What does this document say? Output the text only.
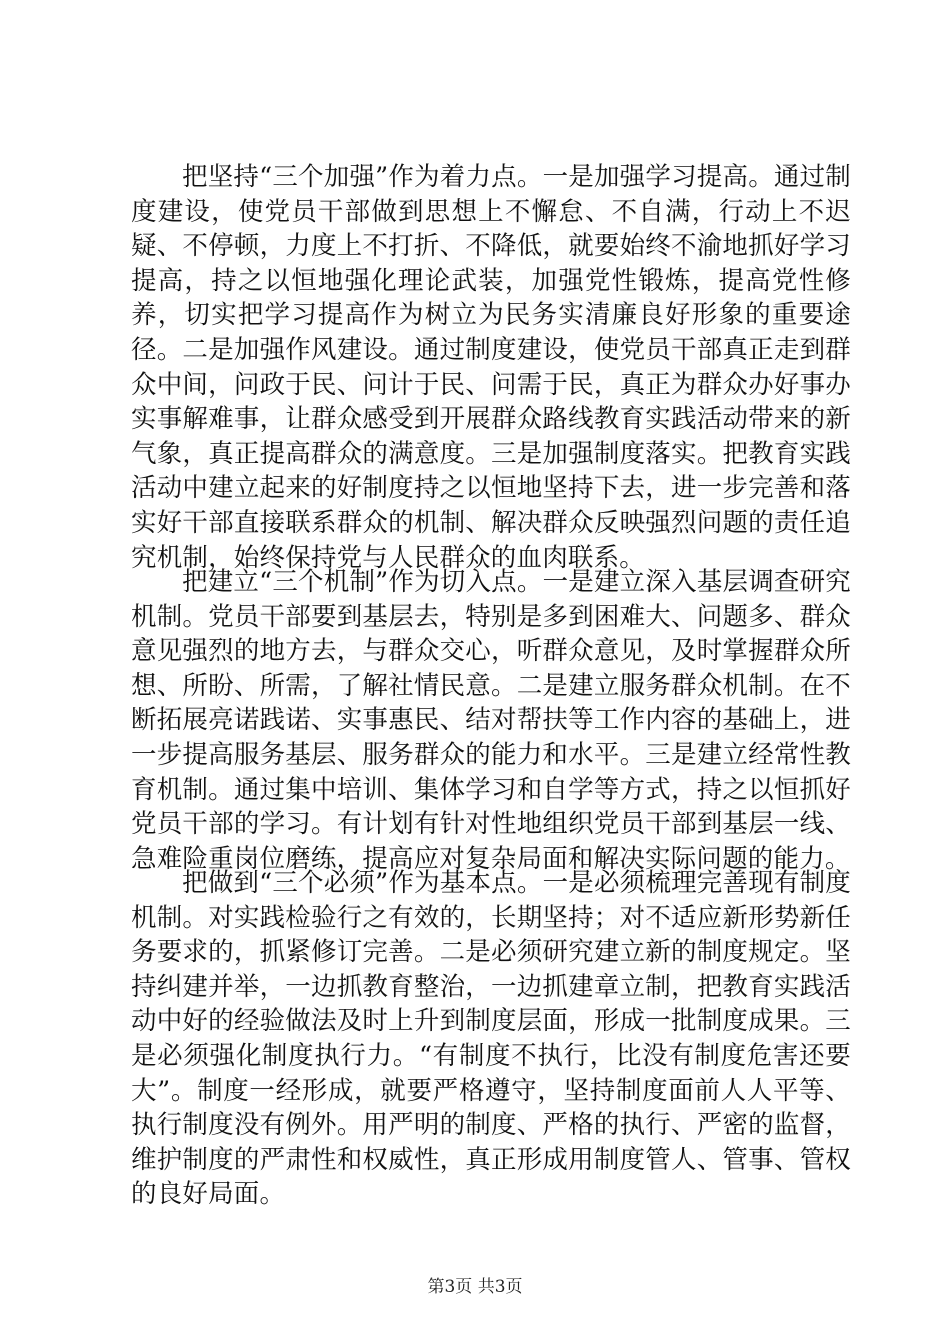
把坚持“三个加强”作为着力点。一是加强学习提高。通过制度建设，使党员干部做到思想上不懈怠、不自满，行动上不迟疑、不停顿，力度上不打折、不降低，就要始终不渝地抓好学习提高，持之以恒地强化理论武装，加强党性锻炼，提高党性修养，切实把学习提高作为树立为民务实清廉良好形象的重要途径。二是加强作风建设。通过制度建设，使党员干部真正走到群众中间，问政于民、问计于民、问需于民，真正为群众办好事办实事解难事，让群众感受到开展群众路线教育实践活动带来的新气象，真正提高群众的满意度。三是加强制度落实。把教育实践活动中建立起来的好制度持之以恒地坚持下去，进一步完善和落实好干部直接联系群众的机制、解决群众反映强烈问题的责任追究机制，始终保持党与人民群众的血肉联系。

把建立“三个机制”作为切入点。一是建立深入基层调查研究机制。党员干部要到基层去，特别是多到困难大、问题多、群众意见强烈的地方去，与群众交心，听群众意见，及时掌握群众所想、所盼、所需，了解社情民意。二是建立服务群众机制。在不断拓展亮诺践诺、实事惠民、结对帮扶等工作内容的基础上，进一步提高服务基层、服务群众的能力和水平。三是建立经常性教育机制。通过集中培训、集体学习和自学等方式，持之以恒抓好党员干部的学习。有计划有针对性地组织党员干部到基层一线、急难险重岗位磨练，提高应对复杂局面和解决实际问题的能力。

把做到“三个必须”作为基本点。一是必须梳理完善现有制度机制。对实践检验行之有效的，长期坚持；对不适应新形势新任务要求的，抓紧修订完善。二是必须研究建立新的制度规定。坚持纠建并举，一边抓教育整治，一边抓建章立制，把教育实践活动中好的经验做法及时上升到制度层面，形成一批制度成果。三是必须强化制度执行力。“有制度不执行，比没有制度危害还要大”。制度一经形成，就要严格遵守，坚持制度面前人人平等、执行制度没有例外。用严明的制度、严格的执行、严密的监督，维护制度的严肃性和权威性，真正形成用制度管人、管事、管权的良好局面。

第3页 共3页
